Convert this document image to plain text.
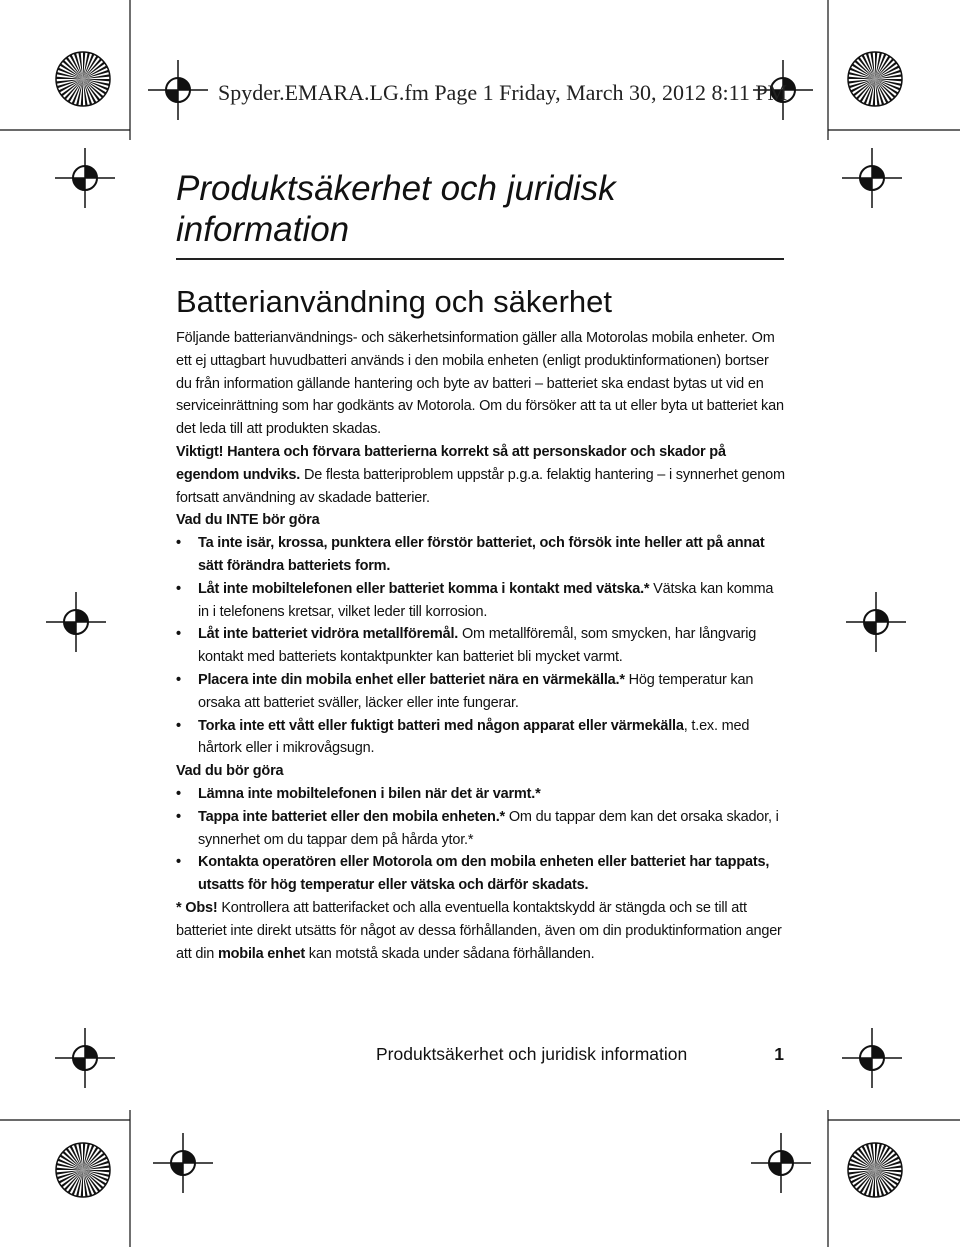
Spyder.EMARA.LG.fm Page 1 Friday, March 30, 2012 8:11 PM
Produktsäkerhet och juridisk information
Batterianvändning och säkerhet

Följande batterianvändnings- och säkerhetsinformation gäller alla Motorolas mobila enheter. Om ett ej uttagbart huvudbatteri används i den mobila enheten (enligt produktinformationen) bortser du från information gällande hantering och byte av batteri – batteriet ska endast bytas ut vid en serviceinrättning som har godkänts av Motorola. Om du försöker att ta ut eller byta ut batteriet kan det leda till att produkten skadas.

Viktigt! Hantera och förvara batterierna korrekt så att personskador och skador på egendom undviks. De flesta batteriproblem uppstår p.g.a. felaktig hantering – i synnerhet genom fortsatt användning av skadade batterier.

Vad du INTE bör göra

• Ta inte isär, krossa, punktera eller förstör batteriet, och försök inte heller att på annat sätt förändra batteriets form.
• Låt inte mobiltelefonen eller batteriet komma i kontakt med vätska.* Vätska kan komma in i telefonens kretsar, vilket leder till korrosion.
• Låt inte batteriet vidröra metallföremål. Om metallföremål, som smycken, har långvarig kontakt med batteriets kontaktpunkter kan batteriet bli mycket varmt.
• Placera inte din mobila enhet eller batteriet nära en värmekälla.* Hög temperatur kan orsaka att batteriet sväller, läcker eller inte fungerar.
• Torka inte ett vått eller fuktigt batteri med någon apparat eller värmekälla, t.ex. med hårtork eller i mikrovågsugn.

Vad du bör göra

• Lämna inte mobiltelefonen i bilen när det är varmt.*
• Tappa inte batteriet eller den mobila enheten.* Om du tappar dem kan det orsaka skador, i synnerhet om du tappar dem på hårda ytor.*
• Kontakta operatören eller Motorola om den mobila enheten eller batteriet har tappats, utsatts för hög temperatur eller vätska och därför skadats.

* Obs! Kontrollera att batterifacket och alla eventuella kontaktskydd är stängda och se till att batteriet inte direkt utsätts för något av dessa förhållanden, även om din produktinformation anger att din mobila enhet kan motstå skada under sådana förhållanden.

Produktsäkerhet och juridisk information	1
